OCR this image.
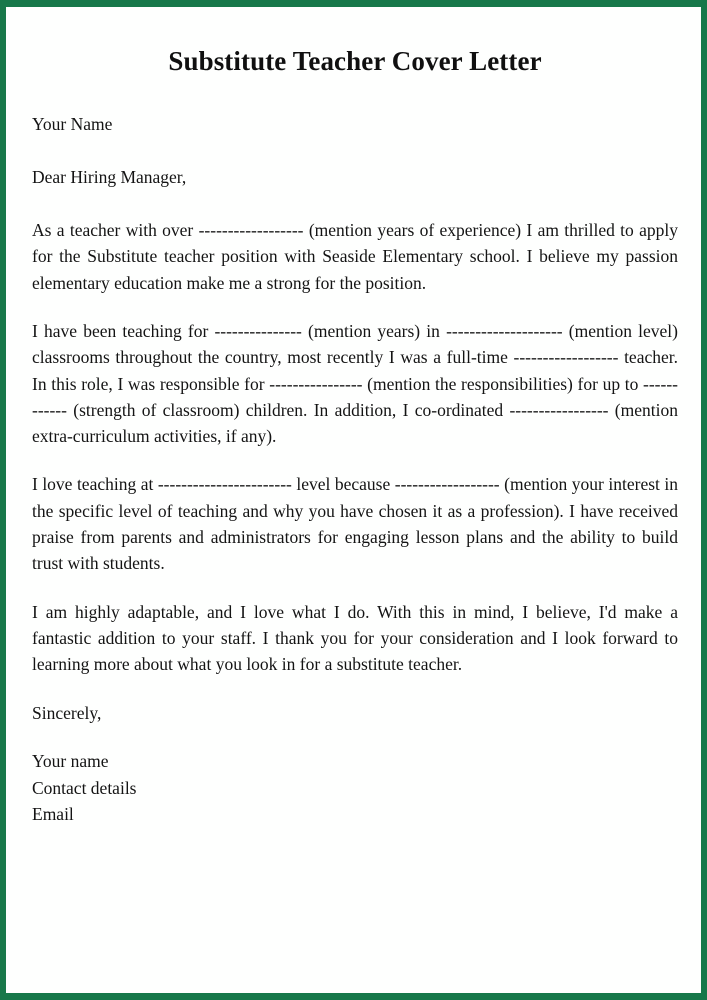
Substitute Teacher Cover Letter
Your Name
Dear Hiring Manager,

As a teacher with over ------------------ (mention years of experience) I am thrilled to apply for the Substitute teacher position with Seaside Elementary school. I believe my passion elementary education make me a strong for the position.

I have been teaching for --------------- (mention years) in -------------------- (mention level) classrooms throughout the country, most recently I was a full-time ------------------ teacher. In this role, I was responsible for ---------------- (mention the responsibilities) for up to ------------ (strength of classroom) children. In addition, I co-ordinated ----------------- (mention extra-curriculum activities, if any).

I love teaching at ----------------------- level because ------------------ (mention your interest in the specific level of teaching and why you have chosen it as a profession). I have received praise from parents and administrators for engaging lesson plans and the ability to build trust with students.

I am highly adaptable, and I love what I do. With this in mind, I believe, I'd make a fantastic addition to your staff. I thank you for your consideration and I look forward to learning more about what you look in for a substitute teacher.

Sincerely,
Your name
Contact details
Email
